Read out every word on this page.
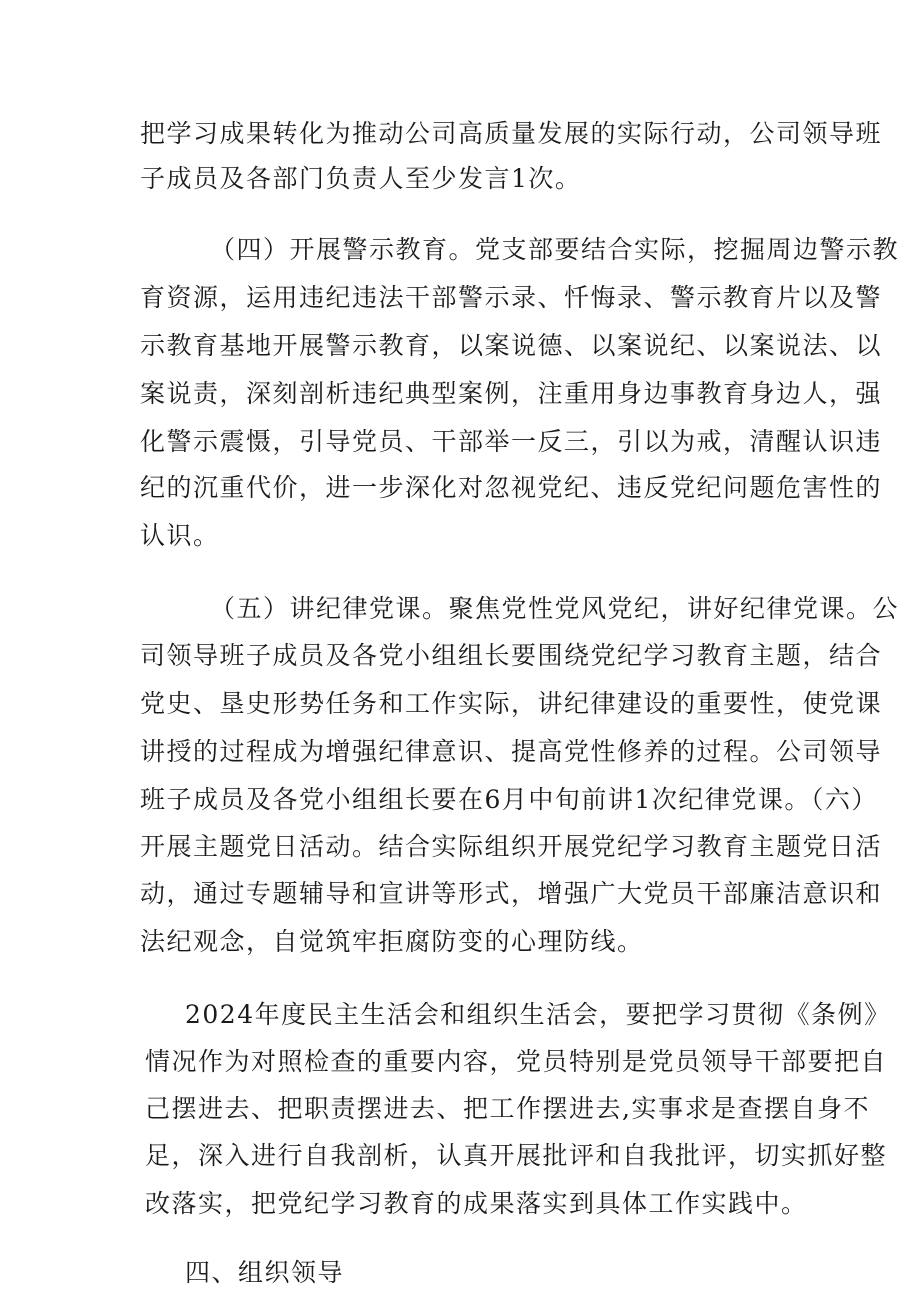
把学习成果转化为推动公司高质量发展的实际行动，公司领导班
子成员及各部门负责人至少发言1次。
（四）开展警示教育。党支部要结合实际，挖掘周边警示教
育资源，运用违纪违法干部警示录、忏悔录、警示教育片以及警
示教育基地开展警示教育，以案说德、以案说纪、以案说法、以
案说责，深刻剖析违纪典型案例，注重用身边事教育身边人，强
化警示震慑，引导党员、干部举一反三，引以为戒，清醒认识违
纪的沉重代价，进一步深化对忽视党纪、违反党纪问题危害性的
认识。
（五）讲纪律党课。聚焦党性党风党纪，讲好纪律党课。公
司领导班子成员及各党小组组长要围绕党纪学习教育主题，结合
党史、垦史形势任务和工作实际，讲纪律建设的重要性，使党课
讲授的过程成为增强纪律意识、提高党性修养的过程。公司领导
班子成员及各党小组组长要在6月中旬前讲1次纪律党课。（六）
开展主题党日活动。结合实际组织开展党纪学习教育主题党日活
动，通过专题辅导和宣讲等形式，增强广大党员干部廉洁意识和
法纪观念，自觉筑牢拒腐防变的心理防线。
2024年度民主生活会和组织生活会，要把学习贯彻《条例》
情况作为对照检查的重要内容，党员特别是党员领导干部要把自
己摆进去、把职责摆进去、把工作摆进去,实事求是查摆自身不
足，深入进行自我剖析，认真开展批评和自我批评，切实抓好整
改落实，把党纪学习教育的成果落实到具体工作实践中。
四、组织领导
